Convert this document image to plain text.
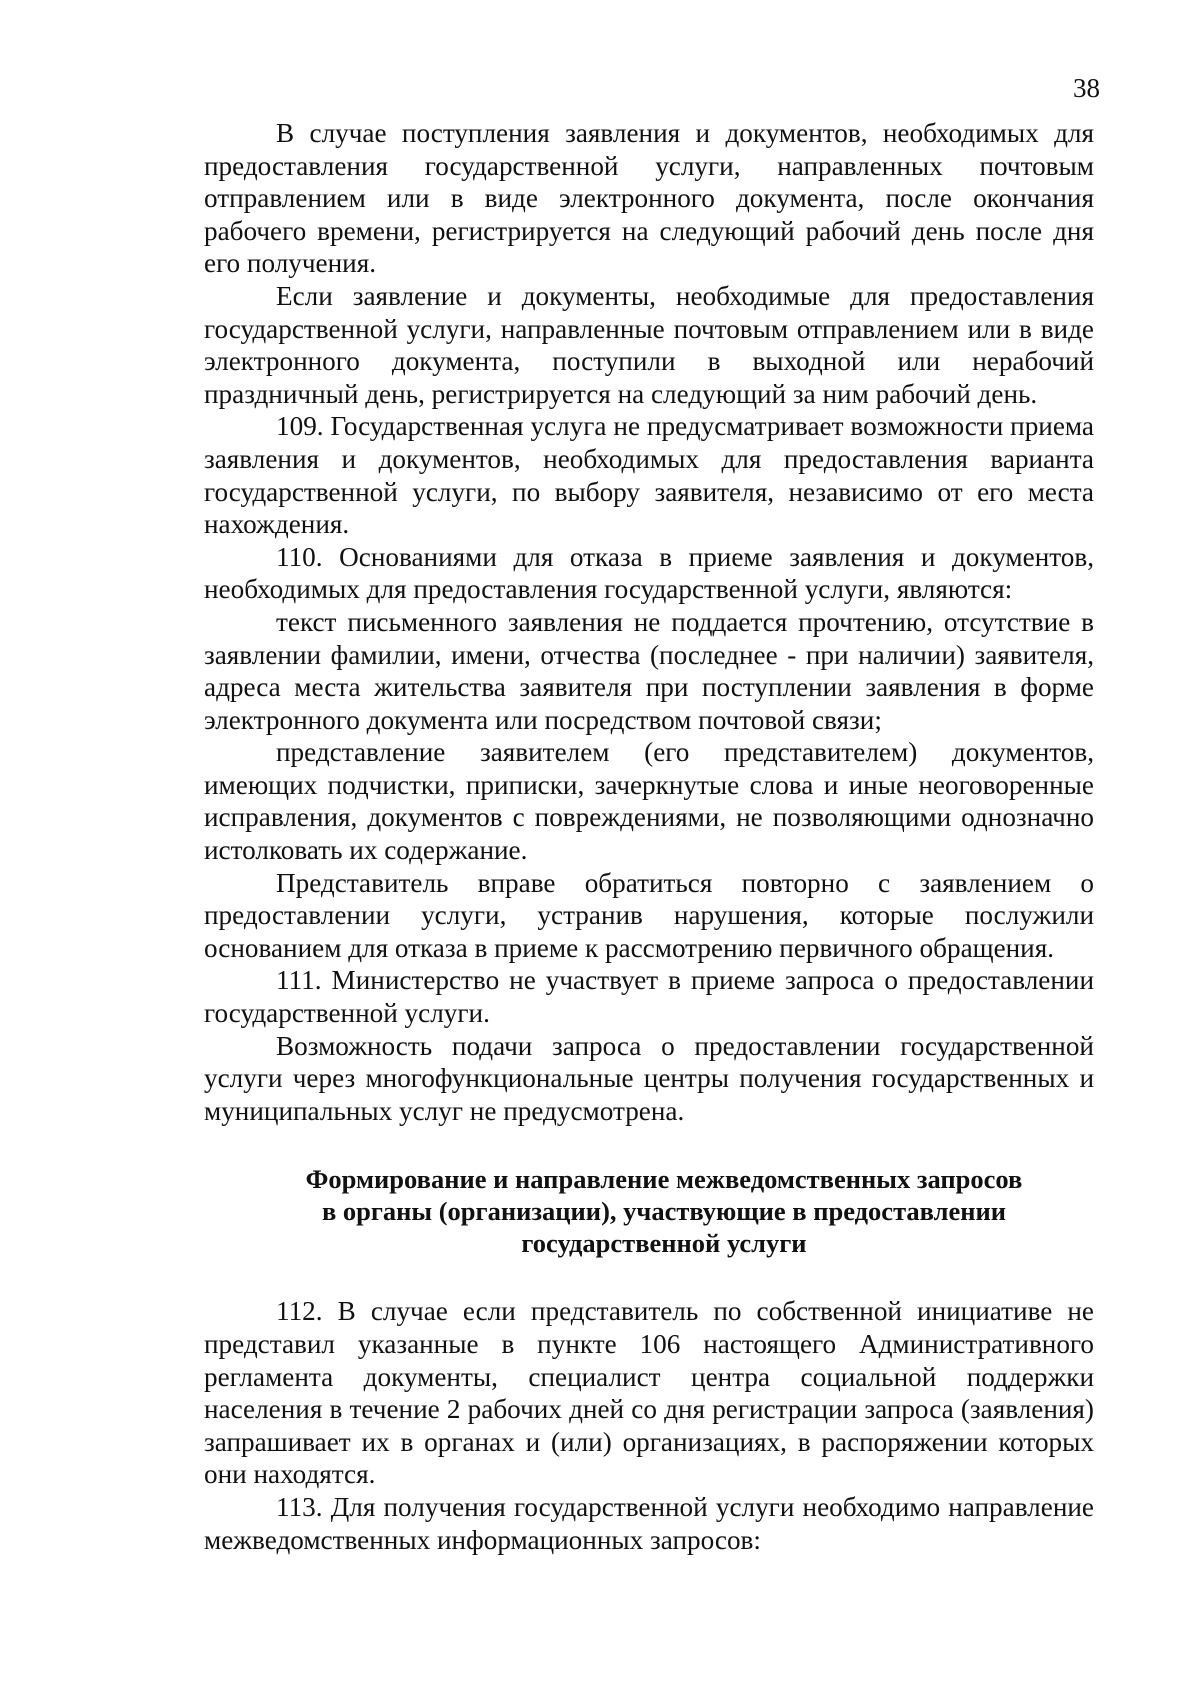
38

В случае поступления заявления и документов, необходимых для предоставления государственной услуги, направленных почтовым отправлением или в виде электронного документа, после окончания рабочего времени, регистрируется на следующий рабочий день после дня его получения.

Если заявление и документы, необходимые для предоставления государственной услуги, направленные почтовым отправлением или в виде электронного документа, поступили в выходной или нерабочий праздничный день, регистрируется на следующий за ним рабочий день.

109. Государственная услуга не предусматривает возможности приема заявления и документов, необходимых для предоставления варианта государственной услуги, по выбору заявителя, независимо от его места нахождения.

110. Основаниями для отказа в приеме заявления и документов, необходимых для предоставления государственной услуги, являются:

текст письменного заявления не поддается прочтению, отсутствие в заявлении фамилии, имени, отчества (последнее - при наличии) заявителя, адреса места жительства заявителя при поступлении заявления в форме электронного документа или посредством почтовой связи;

представление заявителем (его представителем) документов, имеющих подчистки, приписки, зачеркнутые слова и иные неоговоренные исправления, документов с повреждениями, не позволяющими однозначно истолковать их содержание.

Представитель вправе обратиться повторно с заявлением о предоставлении услуги, устранив нарушения, которые послужили основанием для отказа в приеме к рассмотрению первичного обращения.

111. Министерство не участвует в приеме запроса о предоставлении государственной услуги.

Возможность подачи запроса о предоставлении государственной услуги через многофункциональные центры получения государственных и муниципальных услуг не предусмотрена.

Формирование и направление межведомственных запросов
в органы (организации), участвующие в предоставлении
государственной услуги

112. В случае если представитель по собственной инициативе не представил указанные в пункте 106 настоящего Административного регламента документы, специалист центра социальной поддержки населения в течение 2 рабочих дней со дня регистрации запроса (заявления) запрашивает их в органах и (или) организациях, в распоряжении которых они находятся.

113. Для получения государственной услуги необходимо направление межведомственных информационных запросов:
